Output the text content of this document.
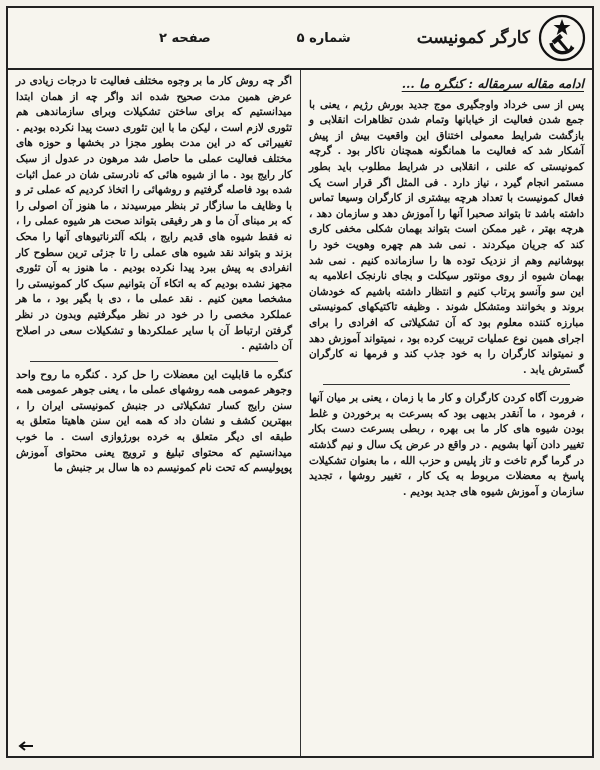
کارگر کمونیست
شماره ۵
صفحه ۲
ادامه مقاله سرمقاله : کنگره ما ...

پس از سی خرداد واوجگیری موج جدید بورش رژیم ، یعنی با جمع شدن فعالیت از خیابانها وتمام شدن تظاهرات انقلابی و بازگشت شرایط معمولی اختناق این واقعیت بیش از پیش آشکار شد که فعالیت ما همانگونه همچنان ناکار بود . گرچه کمونیستی که علنی ، انقلابی در شرایط مطلوب باید بطور مستمر انجام گیرد ، نیاز دارد . فی المثل اگر قرار است یک فعال کمونیست با تعداد هرچه بیشتری از کارگران وسیعا تماس داشته باشد تا بتواند صحبرا آنها را آموزش دهد و سازمان دهد ، هرچه بهتر ، غیر ممکن است بتواند بهمان شکلی مخفی کاری کند که جریان میکردند . نمی شد هم چهره وهویت خود را بپوشانیم وهم از نزدیک توده ها را سازمانده کنیم . نمی شد بهمان شیوه از روی مونتور سیکلت و بجای نارنجک اعلامیه به این سو وآنسو پرتاب کنیم و انتظار داشته باشیم که خودشان بروند و بخوانند ومتشکل شوند . وظیفه تاکتیکهای کمونیستی مبارزه کننده معلوم بود که آن تشکیلاتی که افرادی را برای اجرای همین نوع عملیات تربیت کرده بود ، نمیتواند آموزش دهد و نمیتواند کارگران را به خود جذب کند و فرمها نه کارگران گسترش یابد .

ضرورت آگاه کردن کارگران و کار ما با زمان ، یعنی بر میان آنها ، فرمود ، ما آنقدر بدیهی بود که بسرعت به برخوردن و غلط بودن شیوه های کار ما بی بهره ، ربطی بسرعت دست بکار تغییر دادن آنها بشویم . در واقع در عرض یک سال و نیم گذشته در گرما گرم تاخت و تاز پلیس و حزب الله ، ما بعنوان تشکیلات پاسخ به معضلات مربوط به یک کار ، تغییر روشها ، تجدید سازمان و آموزش شیوه های جدید بودیم .

اگر چه روش کار ما بر وجوه مختلف فعالیت تا درجات زیادی در عرض همین مدت صحیح شده اند واگر چه از همان ابتدا میدانستیم که برای ساختن تشکیلات وبرای سازماندهی هم تئوری لازم است ، لیکن ما با این تئوری دست پیدا نکرده بودیم . تغییراتی که در این مدت بطور مجزا در بخشها و حوزه های مختلف فعالیت عملی ما حاصل شد مرهون در عدول از سبک کار رایج بود . ما از شیوه هائی که نادرستی شان در عمل اثبات شده بود فاصله گرفتیم و روشهائی را اتخاذ کردیم که عملی تر و با وظایف ما سازگار تر بنظر میرسیدند ، ما هنوز آن اصولی را که بر مبنای آن ما و هر رفیقی بتواند صحت هر شیوه عملی را ، نه فقط شیوه های قدیم رایج ، بلکه آلترناتیوهای آنها را محک بزند و بتواند نقد شیوه های عملی را تا جزئی ترین سطوح کار انفرادی به پیش ببرد پیدا نکرده بودیم . ما هنوز به آن تئوری مجهز نشده بودیم که به اتکاء آن بتوانیم سبک کار کمونیستی را مشخصا معین کنیم . نقد عملی ما ، دی با بگیر بود ، ما هر عملکرد مخصی را در خود در نظر میگرفتیم وبدون در نظر گرفتن ارتباط آن با سایر عملکردها و تشکیلات سعی در اصلاح آن داشتیم .

کنگره ما قابلیت این معضلات را حل کرد . کنگره ما روح واحد وجوهر عمومی همه روشهای عملی ما ، یعنی جوهر عمومی همه سنن رایج کسار تشکیلاتی در جنبش کمونیستی ایران را ، ببهترین کشف و نشان داد که همه این سنن هاهیتا متعلق به طبقه ای دیگر متعلق به خرده بورژوازی است . ما خوب میدانستیم که محتوای تبلیغ و ترویج یعنی محتوای آموزش پوپولیسم که تحت نام کمونیسم ده ها سال بر جنبش ما
